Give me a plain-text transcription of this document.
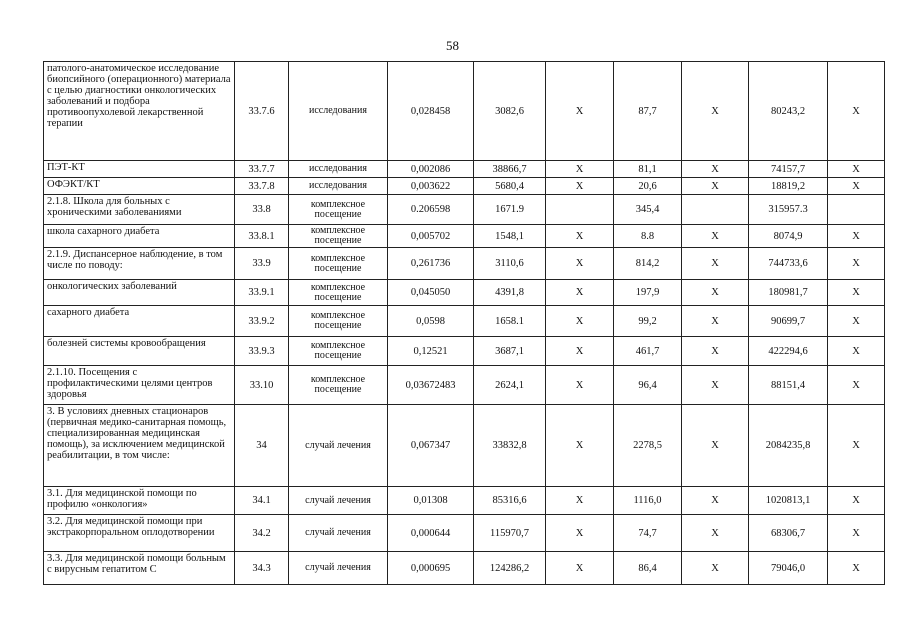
58
патолого-анатомическое исследование биопсийного (операционного) материала с целью диагностики онкологических заболеваний и подбора противоопухолевой лекарственной терапии	33.7.6	исследования	0,028458	3082,6	Х	87,7	Х	80243,2	Х
ПЭТ-КТ	33.7.7	исследования	0,002086	38866,7	Х	81,1	Х	74157,7	Х
ОФЭКТ/КТ	33.7.8	исследования	0,003622	5680,4	Х	20,6	Х	18819,2	Х
2.1.8. Школа для больных с хроническими заболеваниями	33.8	комплексное посещение	0.206598	1671.9		345,4		315957.3	
школа сахарного диабета	33.8.1	комплексное посещение	0,005702	1548,1	Х	8.8	Х	8074,9	Х
2.1.9. Диспансерное наблюдение, в том числе по поводу:	33.9	комплексное посещение	0,261736	3110,6	Х	814,2	Х	744733,6	Х
онкологических заболеваний	33.9.1	комплексное посещение	0,045050	4391,8	Х	197,9	Х	180981,7	Х
сахарного диабета	33.9.2	комплексное посещение	0,0598	1658.1	Х	99,2	Х	90699,7	Х
болезней системы кровообращения	33.9.3	комплексное посещение	0,12521	3687,1	Х	461,7	Х	422294,6	Х
2.1.10. Посещения с профилактическими целями центров здоровья	33.10	комплексное посещение	0,03672483	2624,1	Х	96,4	Х	88151,4	Х
3. В условиях дневных стационаров (первичная медико-санитарная помощь, специализированная медицинская помощь), за исключением медицинской реабилитации, в том числе:	34	случай лечения	0,067347	33832,8	Х	2278,5	Х	2084235,8	Х
3.1. Для медицинской помощи по профилю «онкология»	34.1	случай лечения	0,01308	85316,6	Х	1116,0	Х	1020813,1	Х
3.2. Для медицинской помощи при экстракорпоральном оплодотворении	34.2	случай лечения	0,000644	115970,7	Х	74,7	Х	68306,7	Х
3.3. Для медицинской помощи больным с вирусным гепатитом С	34.3	случай лечения	0,000695	124286,2	Х	86,4	Х	79046,0	Х
